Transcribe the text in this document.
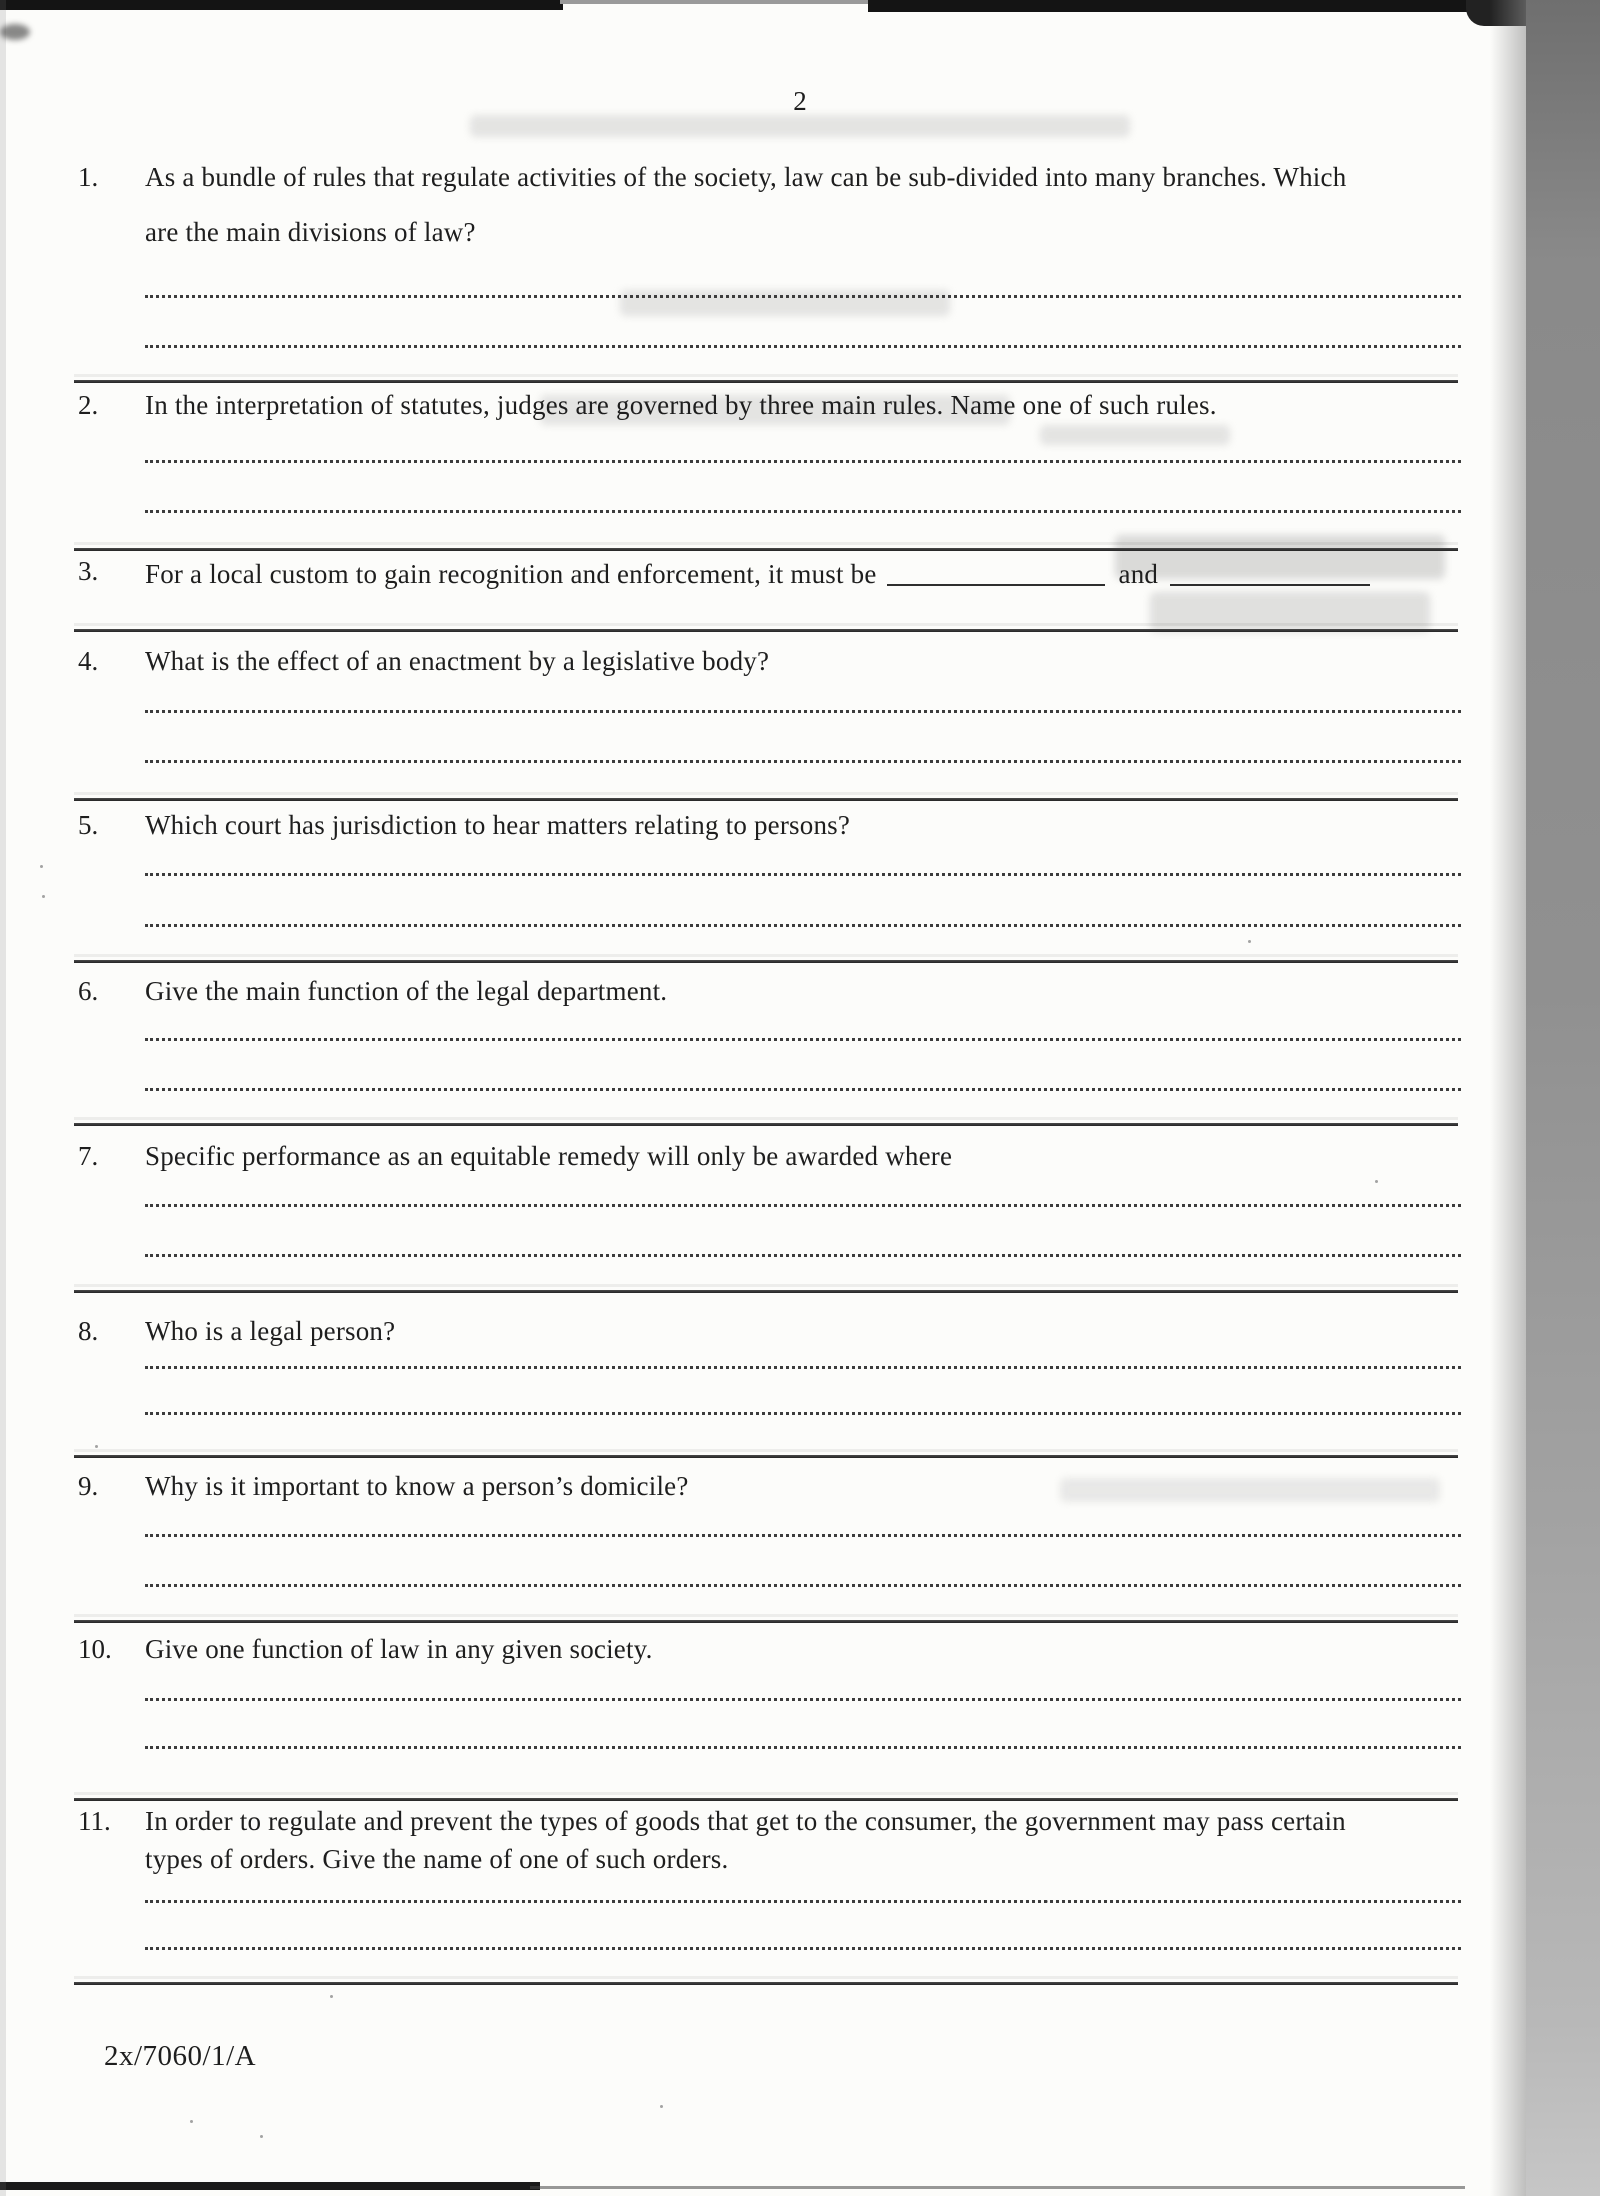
2
1.	As a bundle of rules that regulate activities of the society, law can be sub-divided into many branches. Which
are the main divisions of law?
2.	In the interpretation of statutes, judges are governed by three main rules. Name one of such rules.
3.	For a local custom to gain recognition and enforcement, it must be	and
4.	What is the effect of an enactment by a legislative body?
5.	Which court has jurisdiction to hear matters relating to persons?
6.	Give the main function of the legal department.
7.	Specific performance as an equitable remedy will only be awarded where
8.	Who is a legal person?
9.	Why is it important to know a person’s domicile?
10.	Give one function of law in any given society.
11.	In order to regulate and prevent the types of goods that get to the consumer, the government may pass certain
types of orders. Give the name of one of such orders.
2x/7060/1/A
